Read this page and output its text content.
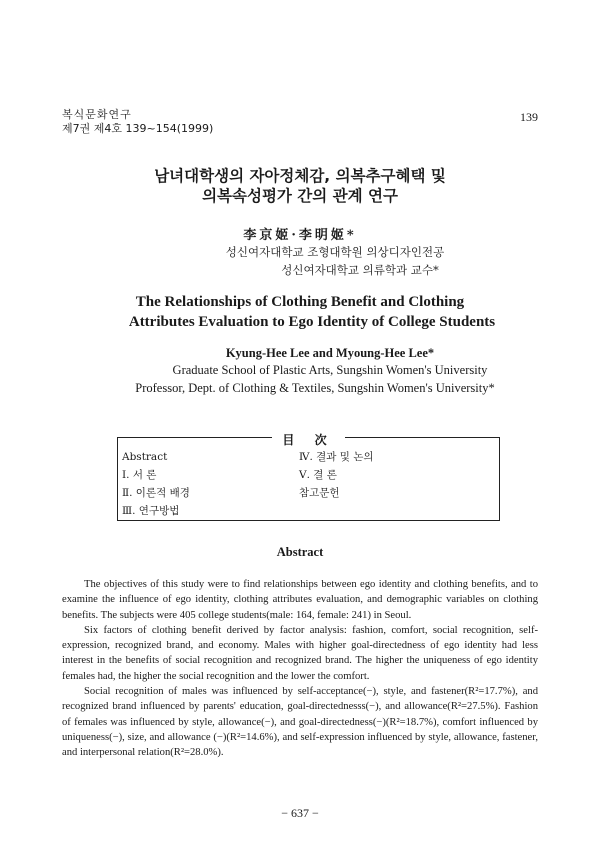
복식문화연구
제7권 제4호 139~154(1999)
139
남녀대학생의 자아정체감, 의복추구혜택 및
의복속성평가 간의 관계 연구
李京姬·李明姬*
성신여자대학교 조형대학원 의상디자인전공
성신여자대학교 의류학과 교수*
The Relationships of Clothing Benefit and Clothing
Attributes Evaluation to Ego Identity of College Students
Kyung-Hee Lee and Myoung-Hee Lee*
Graduate School of Plastic Arts, Sungshin Women's University
Professor, Dept. of Clothing & Textiles, Sungshin Women's University*
目 次
Abstract
Ⅰ. 서 론
Ⅱ. 이론적 배경
Ⅲ. 연구방법
Ⅳ. 결과 및 논의
Ⅴ. 결 론
참고문헌
Abstract

The objectives of this study were to find relationships between ego identity and clothing benefits, and to examine the influence of ego identity, clothing attributes evaluation, and demographic variables on clothing benefits. The subjects were 405 college students(male: 164, female: 241) in Seoul.

Six factors of clothing benefit derived by factor analysis: fashion, comfort, social recognition, self-expression, recognized brand, and economy. Males with higher goal-directedness of ego identity had less interest in the benefits of social recognition and recognized brand. The higher the uniqueness of ego identity females had, the higher the social recognition and the lower the comfort.

Social recognition of males was influenced by self-acceptance(−), style, and fastener(R²=17.7%), and recognized brand influenced by parents' education, goal-directednesss(−), and allowance(R²=27.5%). Fashion of females was influenced by style, allowance(−), and goal-directedness(−)(R²=18.7%), comfort influenced by uniqueness(−), size, and allowance (−)(R²=14.6%), and self-expression influenced by style, allowance, fastener, and interpersonal relation(R²=28.0%).

− 637 −
